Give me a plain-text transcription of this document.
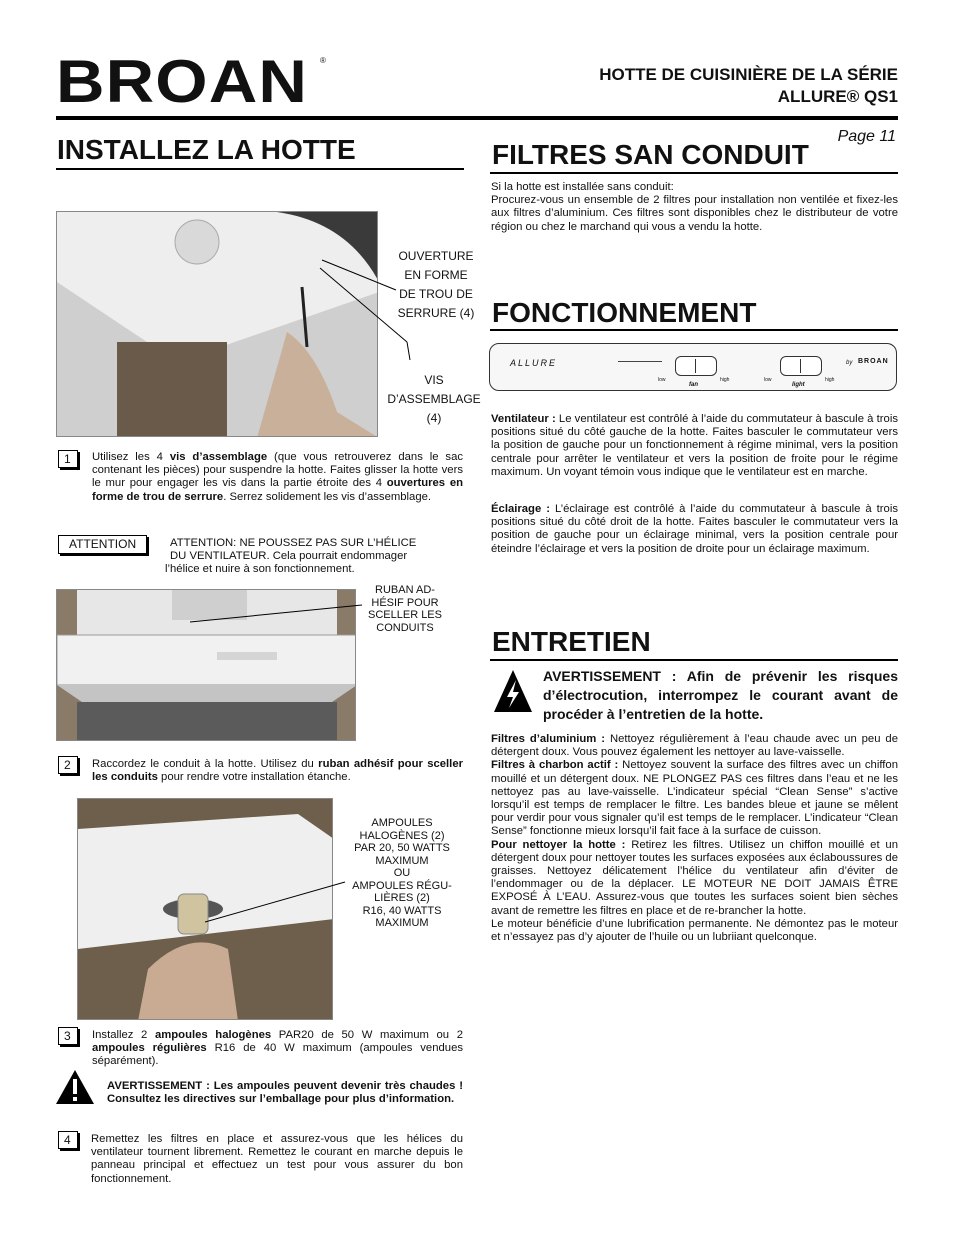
BROAN	®
HOTTE DE CUISINIÈRE DE LA SÉRIE
ALLURE® QS1
Page 11
INSTALLEZ LA HOTTE
OUVERTURE
EN FORME
DE TROU DE
SERRURE (4)
VIS
D’ASSEMBLAGE
(4)
1	Utilisez les 4 vis d’assemblage (que vous retrouverez dans le sac contenant les pièces) pour suspendre la hotte. Faites glisser la hotte vers le mur pour engager les vis dans la partie étroite des 4 ouvertures en forme de trou de serrure. Serrez solidement les vis d’assemblage.
ATTENTION	ATTENTION: NE POUSSEZ PAS SUR L’HÉLICE
DU VENTILATEUR. Cela pourrait endommager
l’hélice et nuire à son fonctionnement.
RUBAN AD-
HÉSIF POUR
SCELLER LES
CONDUITS
2	Raccordez le conduit à la hotte. Utilisez du ruban adhésif pour sceller les conduits pour rendre votre installation étanche.
AMPOULES
HALOGÈNES (2)
PAR 20, 50 WATTS
MAXIMUM
OU
AMPOULES RÉGU-
LIÈRES (2)
R16, 40 WATTS
MAXIMUM
3	Installez 2 ampoules halogènes PAR20 de 50 W maximum ou 2 ampoules régulières R16 de 40 W maximum (ampoules vendues séparément).
AVERTISSEMENT : Les ampoules peuvent devenir très chaudes ! Consultez les directives sur l’emballage pour plus d’information.
4	Remettez les filtres en place et assurez-vous que les hélices du ventilateur tournent librement. Remettez le courant en marche depuis le panneau principal et effectuez un test pour vous assurer du bon fonctionnement.
FILTRES SAN CONDUIT
Si la hotte est installée sans conduit:
Procurez-vous un ensemble de 2 filtres pour installation non ventilée et fixez-les aux filtres d’aluminium. Ces filtres sont disponibles chez le distributeur de votre région ou chez le marchand qui vous a vendu la hotte.
FONCTIONNEMENT
ALLURE
low
fan
high	low
light
high
by BROAN
Ventilateur : Le ventilateur est contrôlé à l’aide du commutateur à bascule à trois positions situé du côté gauche de la hotte. Faites basculer le commutateur vers la position de gauche pour un fonctionnement à régime minimal, vers la position centrale pour arrêter le ventilateur et vers la position de froite pour le régime maximum. Un voyant témoin vous indique que le ventilateur est en marche.
Éclairage : L’éclairage est contrôlé à l’aide du commutateur à bascule à trois positions situé du côté droit de la hotte. Faites basculer le commutateur vers la position de gauche pour un éclairage minimal, vers la position centrale pour éteindre l’éclairage et vers la position de droite pour un éclairage maximum.
ENTRETIEN
AVERTISSEMENT : Afin de prévenir les risques d’électrocution, interrompez le courant avant de procéder à l’entretien de la hotte.
Filtres d’aluminium : Nettoyez régulièrement à l’eau chaude avec un peu de détergent doux. Vous pouvez également les nettoyer au lave-vaisselle.
Filtres à charbon actif : Nettoyez souvent la surface des filtres avec un chiffon mouillé et un détergent doux. NE PLONGEZ PAS ces filtres dans l’eau et ne les nettoyez pas au lave-vaisselle. L’indicateur spécial “Clean Sense” s’active lorsqu’il est temps de remplacer le filtre. Les bandes bleue et jaune se mêlent pour verdir pour vous signaler qu’il est temps de le remplacer. L’indicateur “Clean Sense” fonctionne mieux lorsqu’il fait face à la surface de cuisson.
Pour nettoyer la hotte : Retirez les filtres. Utilisez un chiffon mouillé et un détergent doux pour nettoyer toutes les surfaces exposées aux éclaboussures de graisses. Nettoyez délicatement l’hélice du ventilateur afin d’éviter de l’endommager ou de la déplacer. LE MOTEUR NE DOIT JAMAIS ÊTRE EXPOSÉ À L’EAU. Assurez-vous que toutes les surfaces soient bien sèches avant de remettre les filtres en place et de re-brancher la hotte.
Le moteur bénéficie d’une lubrification permanente. Ne démontez pas le moteur et n’essayez pas d’y ajouter de l’huile ou un lubriiant quelconque.
